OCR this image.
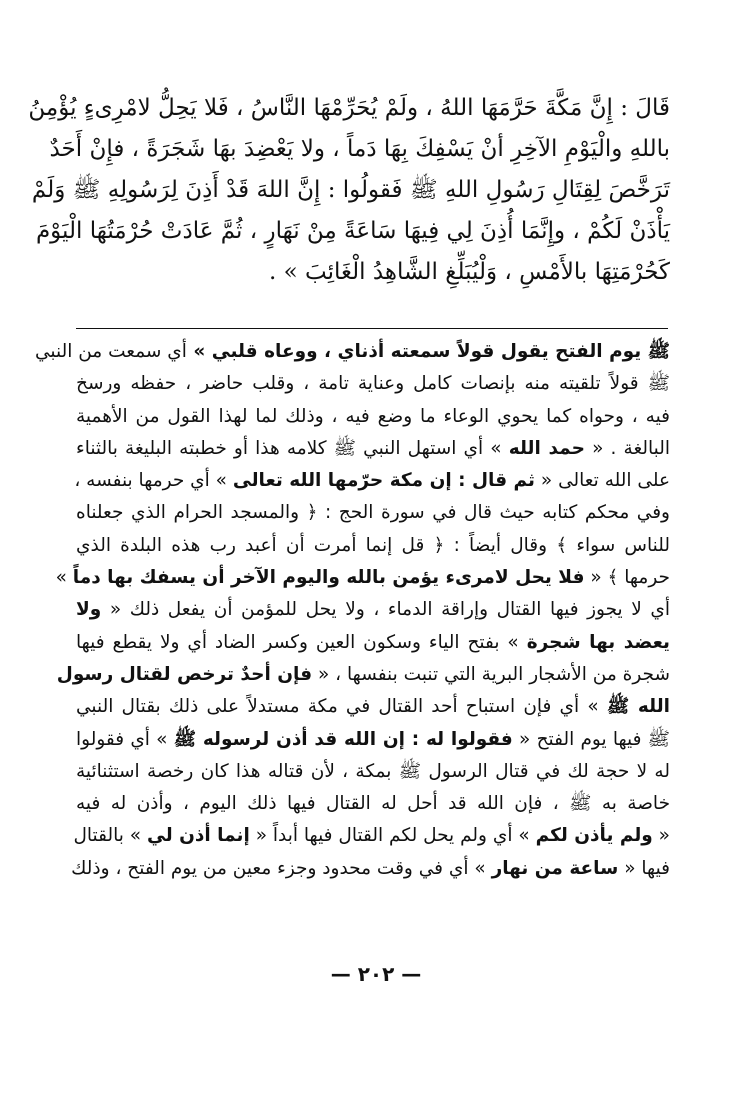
قَالَ : إِنَّ مَكَّةَ حَرَّمَهَا اللهُ ، ولَمْ يُحَرِّمْهَا النَّاسُ ، فَلا يَحِلُّ لامْرِىءٍ يُؤْمِنُ
باللهِ والْيَوْمِ الآخِرِ أنْ يَسْفِكَ بِهَا دَماً ، ولا يَعْضِدَ بهَا شَجَرَةً ، فإِنْ أَحَدٌ
تَرَخَّصَ لِقِتَالِ رَسُولِ اللهِ ﷺ فَقولُوا : إِنَّ اللهَ قَدْ أَذِنَ لِرَسُولِهِ ﷺ وَلَمْ
يَأْذَنْ لَكُمْ ، وإِنَّمَا أُذِنَ لِي فِيهَا سَاعَةً مِنْ نَهَارٍ ، ثُمَّ عَادَتْ حُرْمَتُهَا الْيَوْمَ
كَحُرْمَتِهَا بالأَمْسِ ، وَلْيُبَلِّغِ الشَّاهِدُ الْغَائِبَ » .
ﷺ يوم الفتح يقول قولاً سمعته أذناي ، ووعاه قلبي » أي سمعت من النبي
ﷺ قولاً تلقيته منه بإنصات كامل وعناية تامة ، وقلب حاضر ، حفظه ورسخ
فيه ، وحواه كما يحوي الوعاء ما وضع فيه ، وذلك لما لهذا القول من الأهمية
البالغة . « حمد الله » أي استهل النبي ﷺ كلامه هذا أو خطبته البليغة بالثناء
على الله تعالى « ثم قال : إن مكة حرّمها الله تعالى » أي حرمها بنفسه ،
وفي محكم كتابه حيث قال في سورة الحج : ﴿ والمسجد الحرام الذي جعلناه
للناس سواء ﴾ وقال أيضاً : ﴿ قل إنما أمرت أن أعبد رب هذه البلدة الذي
حرمها ﴾ « فلا يحل لامرىء يؤمن بالله واليوم الآخر أن يسفك بها دماً »
أي لا يجوز فيها القتال وإراقة الدماء ، ولا يحل للمؤمن أن يفعل ذلك « ولا
يعضد بها شجرة » بفتح الياء وسكون العين وكسر الضاد أي ولا يقطع فيها
شجرة من الأشجار البرية التي تنبت بنفسها ، « فإن أحدٌ ترخص لقتال رسول
الله ﷺ » أي فإن استباح أحد القتال في مكة مستدلاً على ذلك بقتال النبي
ﷺ فيها يوم الفتح « فقولوا له : إن الله قد أذن لرسوله ﷺ » أي فقولوا
له لا حجة لك في قتال الرسول ﷺ بمكة ، لأن قتاله هذا كان رخصة استثنائية
خاصة به ﷺ ، فإن الله قد أحل له القتال فيها ذلك اليوم ، وأذن له فيه
« ولم يأذن لكم » أي ولم يحل لكم القتال فيها أبداً « إنما أذن لي » بالقتال
فيها « ساعة من نهار » أي في وقت محدود وجزء معين من يوم الفتح ، وذلك
— ٢٠٢ —
